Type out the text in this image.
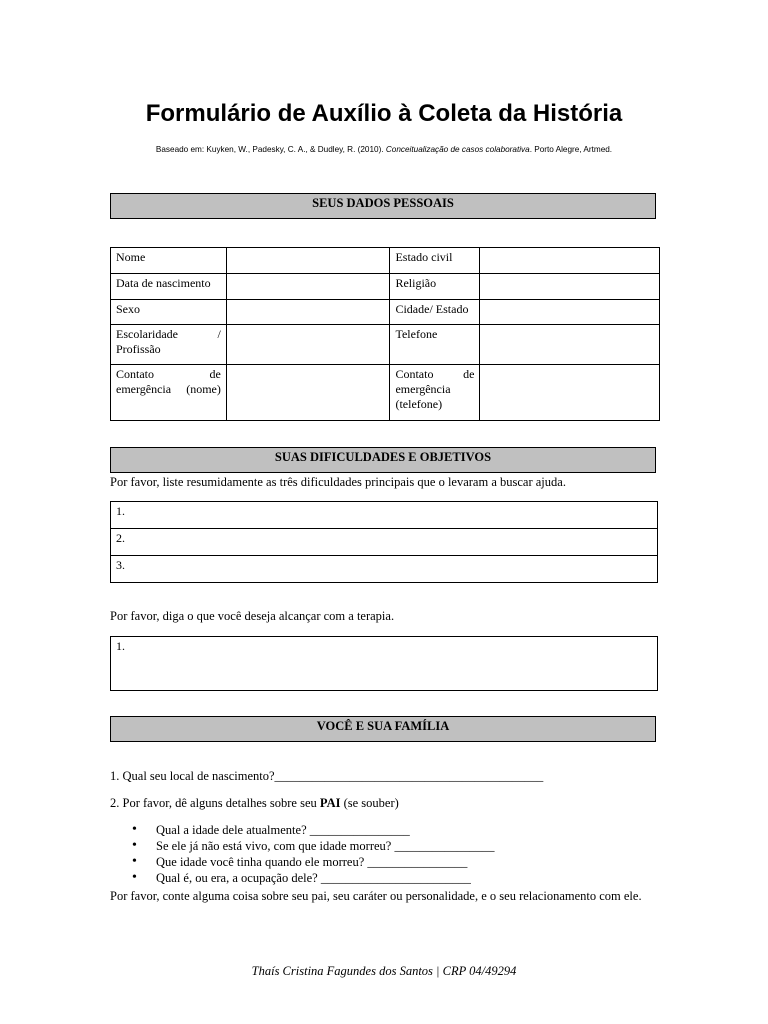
Formulário de Auxílio à Coleta da História
Baseado em: Kuyken, W., Padesky, C. A., & Dudley, R. (2010). Conceitualização de casos colaborativa. Porto Alegre, Artmed.
SEUS DADOS PESSOAIS
Nome		Estado civil	
Data de nascimento		Religião	
Sexo		Cidade/ Estado	
Escolaridade / Profissão		Telefone	
Contato de emergência (nome)		Contato de emergência (telefone)	
SUAS DIFICULDADES E OBJETIVOS
Por favor, liste resumidamente as três dificuldades principais que o levaram a buscar ajuda.
1.
2.
3.
Por favor, diga o que você deseja alcançar com a terapia.
1.
VOCÊ E SUA FAMÍLIA
1. Qual seu local de nascimento?___________________________________________
2. Por favor, dê alguns detalhes sobre seu PAI (se souber)
• Qual a idade dele atualmente? ________________
• Se ele já não está vivo, com que idade morreu? ________________
• Que idade você tinha quando ele morreu? ________________
• Qual é, ou era, a ocupação dele? ________________________
Por favor, conte alguma coisa sobre seu pai, seu caráter ou personalidade, e o seu relacionamento com ele.
Thaís Cristina Fagundes dos Santos | CRP 04/49294
